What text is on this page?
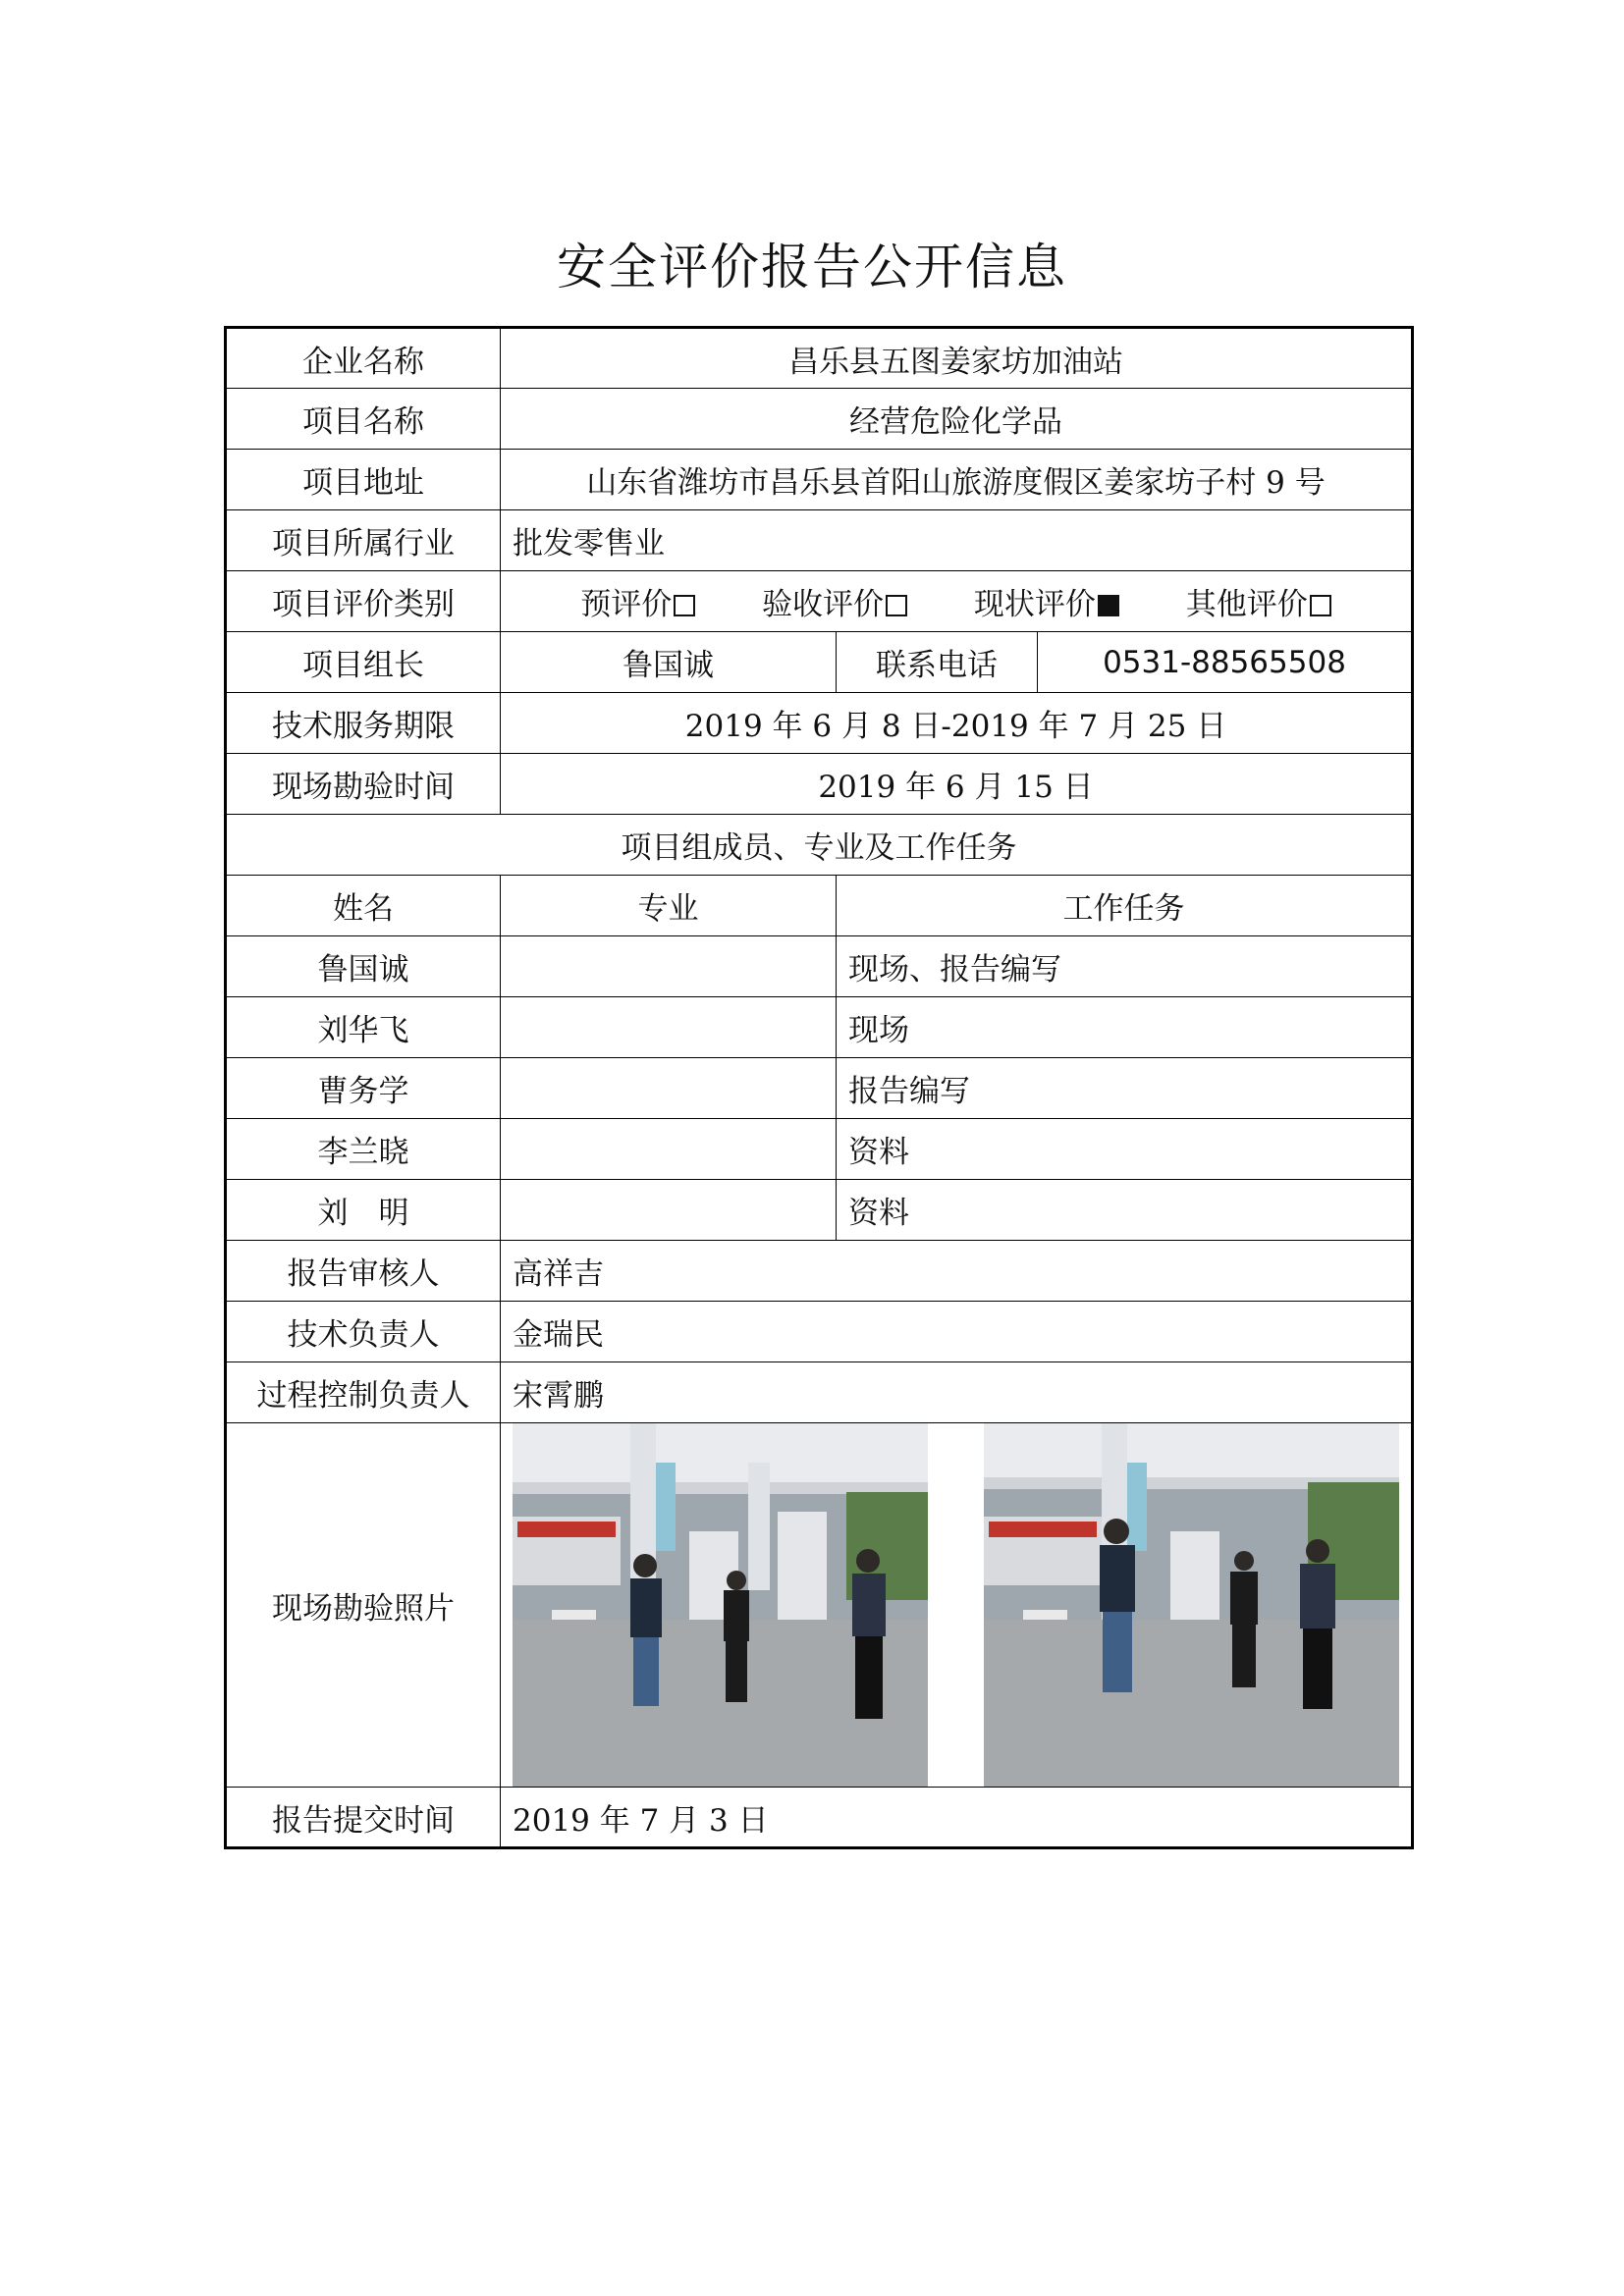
安全评价报告公开信息
企业名称	昌乐县五图姜家坊加油站		
项目名称	经营危险化学品		
项目地址	山东省潍坊市昌乐县首阳山旅游度假区姜家坊子村 9 号		
项目所属行业	批发零售业		
项目评价类别	预评价 验收评价 现状评价 其他评价		
项目组长	鲁国诚	联系电话	0531-88565508
技术服务期限	2019 年 6 月 8 日-2019 年 7 月 25 日		
现场勘验时间	2019 年 6 月 15 日		
项目组成员、专业及工作任务			
姓名	专业	工作任务	
鲁国诚		现场、报告编写	
刘华飞		现场	
曹务学		报告编写	
李兰晓		资料	
刘　明		资料	
报告审核人	高祥吉		
技术负责人	金瑞民		
过程控制负责人	宋霄鹏		
现场勘验照片	

报告提交时间	2019 年 7 月 3 日		
